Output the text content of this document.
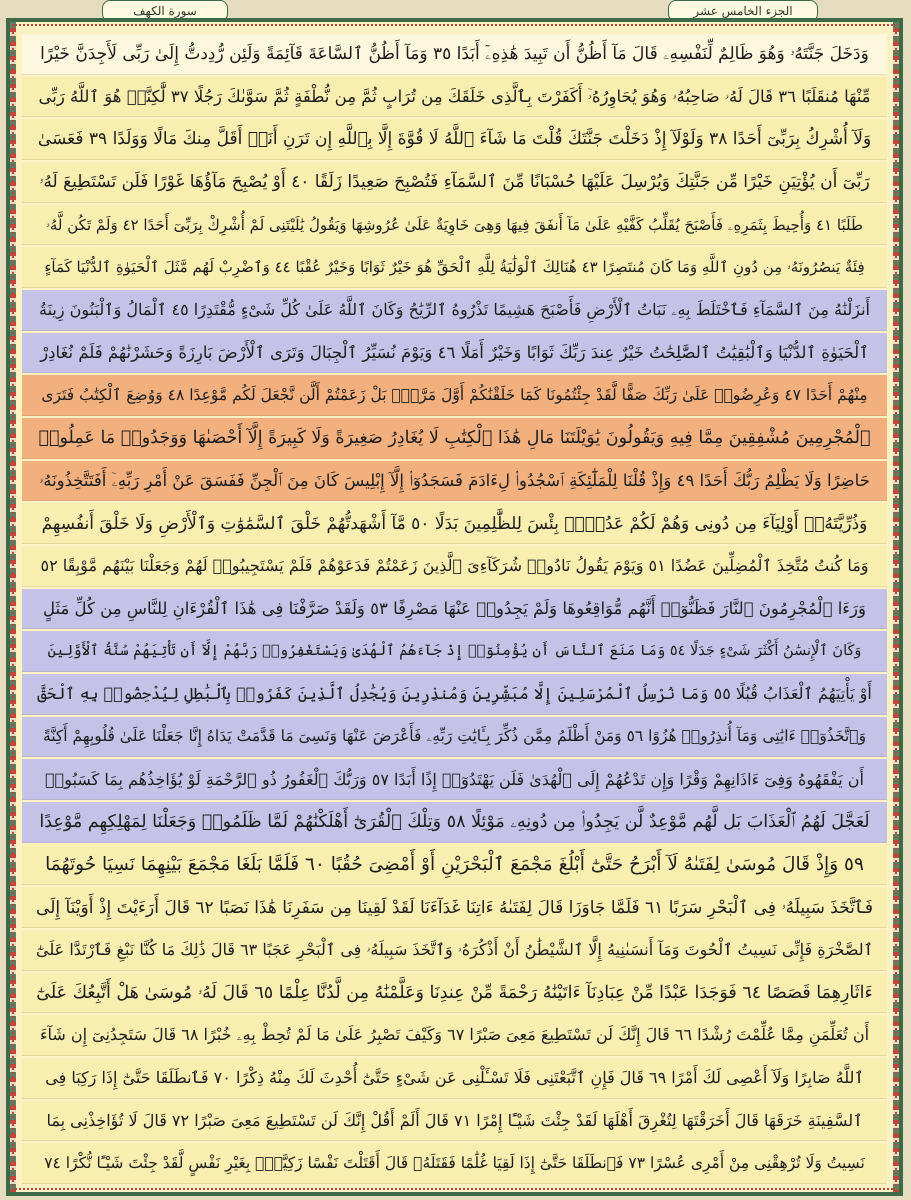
سورة الكهف	الجزء الخامس عشر
وَدَخَلَ جَنَّتَهُۥ وَهُوَ ظَالِمٌ لِّنَفْسِهِۦ قَالَ مَآ أَظُنُّ أَن تَبِيدَ هَٰذِهِۦٓ أَبَدًا ٣٥ وَمَآ أَظُنُّ ٱلسَّاعَةَ قَآئِمَةً وَلَئِن رُّدِدتُّ إِلَىٰ رَبِّى لَأَجِدَنَّ خَيْرًا
مِّنْهَا مُنقَلَبًا ٣٦ قَالَ لَهُۥ صَاحِبُهُۥ وَهُوَ يُحَاوِرُهُۥٓ أَكَفَرْتَ بِٱلَّذِى خَلَقَكَ مِن تُرَابٍ ثُمَّ مِن نُّطْفَةٍ ثُمَّ سَوَّىٰكَ رَجُلًا ٣٧ لَّٰكِنَّا۠ هُوَ ٱللَّهُ رَبِّى
وَلَآ أُشْرِكُ بِرَبِّىٓ أَحَدًا ٣٨ وَلَوْلَآ إِذْ دَخَلْتَ جَنَّتَكَ قُلْتَ مَا شَآءَ ٱللَّهُ لَا قُوَّةَ إِلَّا بِٱللَّهِ إِن تَرَنِ أَنَا۠ أَقَلَّ مِنكَ مَالًا وَوَلَدًا ٣٩ فَعَسَىٰ
رَبِّىٓ أَن يُؤْتِيَنِ خَيْرًا مِّن جَنَّتِكَ وَيُرْسِلَ عَلَيْهَا حُسْبَانًا مِّنَ ٱلسَّمَآءِ فَتُصْبِحَ صَعِيدًا زَلَقًا ٤٠ أَوْ يُصْبِحَ مَآؤُهَا غَوْرًا فَلَن تَسْتَطِيعَ لَهُۥ
طَلَبًا ٤١ وَأُحِيطَ بِثَمَرِهِۦ فَأَصْبَحَ يُقَلِّبُ كَفَّيْهِ عَلَىٰ مَآ أَنفَقَ فِيهَا وَهِىَ خَاوِيَةٌ عَلَىٰ عُرُوشِهَا وَيَقُولُ يَٰلَيْتَنِى لَمْ أُشْرِكْ بِرَبِّىٓ أَحَدًا ٤٢ وَلَمْ تَكُن لَّهُۥ
فِئَةٌ يَنصُرُونَهُۥ مِن دُونِ ٱللَّهِ وَمَا كَانَ مُنتَصِرًا ٤٣ هُنَالِكَ ٱلْوَلَٰيَةُ لِلَّهِ ٱلْحَقِّ هُوَ خَيْرٌ ثَوَابًا وَخَيْرٌ عُقْبًا ٤٤ وَٱضْرِبْ لَهُم مَّثَلَ ٱلْحَيَوٰةِ ٱلدُّنْيَا كَمَآءٍ
أَنزَلْنَٰهُ مِنَ ٱلسَّمَآءِ فَٱخْتَلَطَ بِهِۦ نَبَاتُ ٱلْأَرْضِ فَأَصْبَحَ هَشِيمًا تَذْرُوهُ ٱلرِّيَٰحُ وَكَانَ ٱللَّهُ عَلَىٰ كُلِّ شَىْءٍ مُّقْتَدِرًا ٤٥ ٱلْمَالُ وَٱلْبَنُونَ زِينَةُ
ٱلْحَيَوٰةِ ٱلدُّنْيَا وَٱلْبَٰقِيَٰتُ ٱلصَّٰلِحَٰتُ خَيْرٌ عِندَ رَبِّكَ ثَوَابًا وَخَيْرٌ أَمَلًا ٤٦ وَيَوْمَ نُسَيِّرُ ٱلْجِبَالَ وَتَرَى ٱلْأَرْضَ بَارِزَةً وَحَشَرْنَٰهُمْ فَلَمْ نُغَادِرْ
مِنْهُمْ أَحَدًا ٤٧ وَعُرِضُوا۟ عَلَىٰ رَبِّكَ صَفًّا لَّقَدْ جِئْتُمُونَا كَمَا خَلَقْنَٰكُمْ أَوَّلَ مَرَّةٍۭ بَلْ زَعَمْتُمْ أَلَّن نَّجْعَلَ لَكُم مَّوْعِدًا ٤٨ وَوُضِعَ ٱلْكِتَٰبُ فَتَرَى
ٱلْمُجْرِمِينَ مُشْفِقِينَ مِمَّا فِيهِ وَيَقُولُونَ يَٰوَيْلَتَنَا مَالِ هَٰذَا ٱلْكِتَٰبِ لَا يُغَادِرُ صَغِيرَةً وَلَا كَبِيرَةً إِلَّآ أَحْصَىٰهَا وَوَجَدُوا۟ مَا عَمِلُوا۟
حَاضِرًا وَلَا يَظْلِمُ رَبُّكَ أَحَدًا ٤٩ وَإِذْ قُلْنَا لِلْمَلَٰٓئِكَةِ ٱسْجُدُوا۟ لِءَادَمَ فَسَجَدُوٓا۟ إِلَّآ إِبْلِيسَ كَانَ مِنَ ٱلْجِنِّ فَفَسَقَ عَنْ أَمْرِ رَبِّهِۦٓ أَفَتَتَّخِذُونَهُۥ
وَذُرِّيَّتَهُۥٓ أَوْلِيَآءَ مِن دُونِى وَهُمْ لَكُمْ عَدُوٌّۢ بِئْسَ لِلظَّٰلِمِينَ بَدَلًا ٥٠ مَّآ أَشْهَدتُّهُمْ خَلْقَ ٱلسَّمَٰوَٰتِ وَٱلْأَرْضِ وَلَا خَلْقَ أَنفُسِهِمْ
وَمَا كُنتُ مُتَّخِذَ ٱلْمُضِلِّينَ عَضُدًا ٥١ وَيَوْمَ يَقُولُ نَادُوا۟ شُرَكَآءِىَ ٱلَّذِينَ زَعَمْتُمْ فَدَعَوْهُمْ فَلَمْ يَسْتَجِيبُوا۟ لَهُمْ وَجَعَلْنَا بَيْنَهُم مَّوْبِقًا ٥٢
وَرَءَا ٱلْمُجْرِمُونَ ٱلنَّارَ فَظَنُّوٓا۟ أَنَّهُم مُّوَاقِعُوهَا وَلَمْ يَجِدُوا۟ عَنْهَا مَصْرِفًا ٥٣ وَلَقَدْ صَرَّفْنَا فِى هَٰذَا ٱلْقُرْءَانِ لِلنَّاسِ مِن كُلِّ مَثَلٍ
وَكَانَ ٱلْإِنسَٰنُ أَكْثَرَ شَىْءٍ جَدَلًا ٥٤ وَمَا مَنَعَ ٱلنَّاسَ أَن يُؤْمِنُوٓا۟ إِذْ جَآءَهُمُ ٱلْهُدَىٰ وَيَسْتَغْفِرُوا۟ رَبَّهُمْ إِلَّآ أَن تَأْتِيَهُمْ سُنَّةُ ٱلْأَوَّلِينَ
أَوْ يَأْتِيَهُمُ ٱلْعَذَابُ قُبُلًا ٥٥ وَمَا نُرْسِلُ ٱلْمُرْسَلِينَ إِلَّا مُبَشِّرِينَ وَمُنذِرِينَ وَيُجَٰدِلُ ٱلَّذِينَ كَفَرُوا۟ بِٱلْبَٰطِلِ لِيُدْحِضُوا۟ بِهِ ٱلْحَقَّ
وَٱتَّخَذُوٓا۟ ءَايَٰتِى وَمَآ أُنذِرُوا۟ هُزُوًا ٥٦ وَمَنْ أَظْلَمُ مِمَّن ذُكِّرَ بِـَٔايَٰتِ رَبِّهِۦ فَأَعْرَضَ عَنْهَا وَنَسِىَ مَا قَدَّمَتْ يَدَاهُ إِنَّا جَعَلْنَا عَلَىٰ قُلُوبِهِمْ أَكِنَّةً
أَن يَفْقَهُوهُ وَفِىٓ ءَاذَانِهِمْ وَقْرًا وَإِن تَدْعُهُمْ إِلَى ٱلْهُدَىٰ فَلَن يَهْتَدُوٓا۟ إِذًا أَبَدًا ٥٧ وَرَبُّكَ ٱلْغَفُورُ ذُو ٱلرَّحْمَةِ لَوْ يُؤَاخِذُهُم بِمَا كَسَبُوا۟
لَعَجَّلَ لَهُمُ ٱلْعَذَابَ بَل لَّهُم مَّوْعِدٌ لَّن يَجِدُوا۟ مِن دُونِهِۦ مَوْئِلًا ٥٨ وَتِلْكَ ٱلْقُرَىٰٓ أَهْلَكْنَٰهُمْ لَمَّا ظَلَمُوا۟ وَجَعَلْنَا لِمَهْلِكِهِم مَّوْعِدًا
٥٩ وَإِذْ قَالَ مُوسَىٰ لِفَتَىٰهُ لَآ أَبْرَحُ حَتَّىٰٓ أَبْلُغَ مَجْمَعَ ٱلْبَحْرَيْنِ أَوْ أَمْضِىَ حُقُبًا ٦٠ فَلَمَّا بَلَغَا مَجْمَعَ بَيْنِهِمَا نَسِيَا حُوتَهُمَا
فَٱتَّخَذَ سَبِيلَهُۥ فِى ٱلْبَحْرِ سَرَبًا ٦١ فَلَمَّا جَاوَزَا قَالَ لِفَتَىٰهُ ءَاتِنَا غَدَآءَنَا لَقَدْ لَقِينَا مِن سَفَرِنَا هَٰذَا نَصَبًا ٦٢ قَالَ أَرَءَيْتَ إِذْ أَوَيْنَآ إِلَى
ٱلصَّخْرَةِ فَإِنِّى نَسِيتُ ٱلْحُوتَ وَمَآ أَنسَىٰنِيهُ إِلَّا ٱلشَّيْطَٰنُ أَنْ أَذْكُرَهُۥ وَٱتَّخَذَ سَبِيلَهُۥ فِى ٱلْبَحْرِ عَجَبًا ٦٣ قَالَ ذَٰلِكَ مَا كُنَّا نَبْغِ فَٱرْتَدَّا عَلَىٰٓ
ءَاثَارِهِمَا قَصَصًا ٦٤ فَوَجَدَا عَبْدًا مِّنْ عِبَادِنَآ ءَاتَيْنَٰهُ رَحْمَةً مِّنْ عِندِنَا وَعَلَّمْنَٰهُ مِن لَّدُنَّا عِلْمًا ٦٥ قَالَ لَهُۥ مُوسَىٰ هَلْ أَتَّبِعُكَ عَلَىٰٓ
أَن تُعَلِّمَنِ مِمَّا عُلِّمْتَ رُشْدًا ٦٦ قَالَ إِنَّكَ لَن تَسْتَطِيعَ مَعِىَ صَبْرًا ٦٧ وَكَيْفَ تَصْبِرُ عَلَىٰ مَا لَمْ تُحِطْ بِهِۦ خُبْرًا ٦٨ قَالَ سَتَجِدُنِىٓ إِن شَآءَ
ٱللَّهُ صَابِرًا وَلَآ أَعْصِى لَكَ أَمْرًا ٦٩ قَالَ فَإِنِ ٱتَّبَعْتَنِى فَلَا تَسْـَٔلْنِى عَن شَىْءٍ حَتَّىٰٓ أُحْدِثَ لَكَ مِنْهُ ذِكْرًا ٧٠ فَٱنطَلَقَا حَتَّىٰٓ إِذَا رَكِبَا فِى
ٱلسَّفِينَةِ خَرَقَهَا قَالَ أَخَرَقْتَهَا لِتُغْرِقَ أَهْلَهَا لَقَدْ جِئْتَ شَيْـًٔا إِمْرًا ٧١ قَالَ أَلَمْ أَقُلْ إِنَّكَ لَن تَسْتَطِيعَ مَعِىَ صَبْرًا ٧٢ قَالَ لَا تُؤَاخِذْنِى بِمَا
نَسِيتُ وَلَا تُرْهِقْنِى مِنْ أَمْرِى عُسْرًا ٧٣ فَٱنطَلَقَا حَتَّىٰٓ إِذَا لَقِيَا غُلَٰمًا فَقَتَلَهُۥ قَالَ أَقَتَلْتَ نَفْسًا زَكِيَّةًۢ بِغَيْرِ نَفْسٍ لَّقَدْ جِئْتَ شَيْـًٔا نُّكْرًا ٧٤
